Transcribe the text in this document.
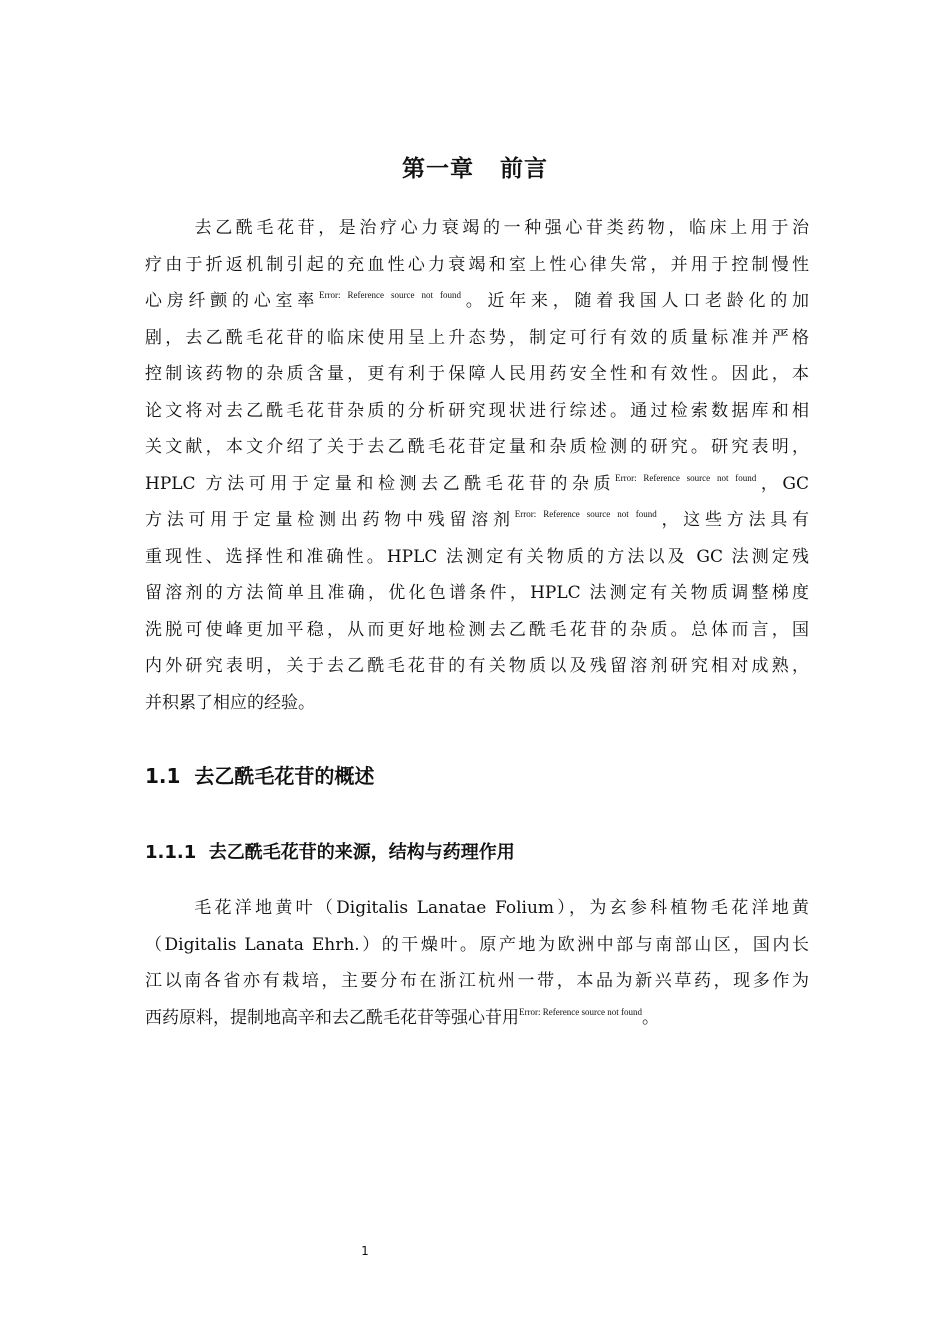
第一章 前言
去乙酰毛花苷，是治疗心力衰竭的一种强心苷类药物，临床上用于治
疗由于折返机制引起的充血性心力衰竭和室上性心律失常，并用于控制慢性
心房纤颤的心室率$^{Error: Reference source not found}$。近年来，随着我国人口老龄化的加
剧，去乙酰毛花苷的临床使用呈上升态势，制定可行有效的质量标准并严格
控制该药物的杂质含量，更有利于保障人民用药安全性和有效性。因此，本
论文将对去乙酰毛花苷杂质的分析研究现状进行综述。通过检索数据库和相
关文献，本文介绍了关于去乙酰毛花苷定量和杂质检测的研究。研究表明，
HPLC 方法可用于定量和检测去乙酰毛花苷的杂质$^{Error: Reference source not found}$，GC
方法可用于定量检测出药物中残留溶剂$^{Error: Reference source not found}$，这些方法具有
重现性、选择性和准确性。HPLC 法测定有关物质的方法以及 GC 法测定残
留溶剂的方法简单且准确，优化色谱条件，HPLC 法测定有关物质调整梯度
洗脱可使峰更加平稳，从而更好地检测去乙酰毛花苷的杂质。总体而言，国
内外研究表明，关于去乙酰毛花苷的有关物质以及残留溶剂研究相对成熟，
并积累了相应的经验。
1.1 去乙酰毛花苷的概述
1.1.1 去乙酰毛花苷的来源，结构与药理作用
毛花洋地黄叶（Digitalis Lanatae Folium），为玄参科植物毛花洋地黄
（Digitalis Lanata Ehrh.）的干燥叶。原产地为欧洲中部与南部山区，国内长
江以南各省亦有栽培，主要分布在浙江杭州一带，本品为新兴草药，现多作为
西药原料，提制地高辛和去乙酰毛花苷等强心苷用$^{Error: Reference source not found}$。
1
